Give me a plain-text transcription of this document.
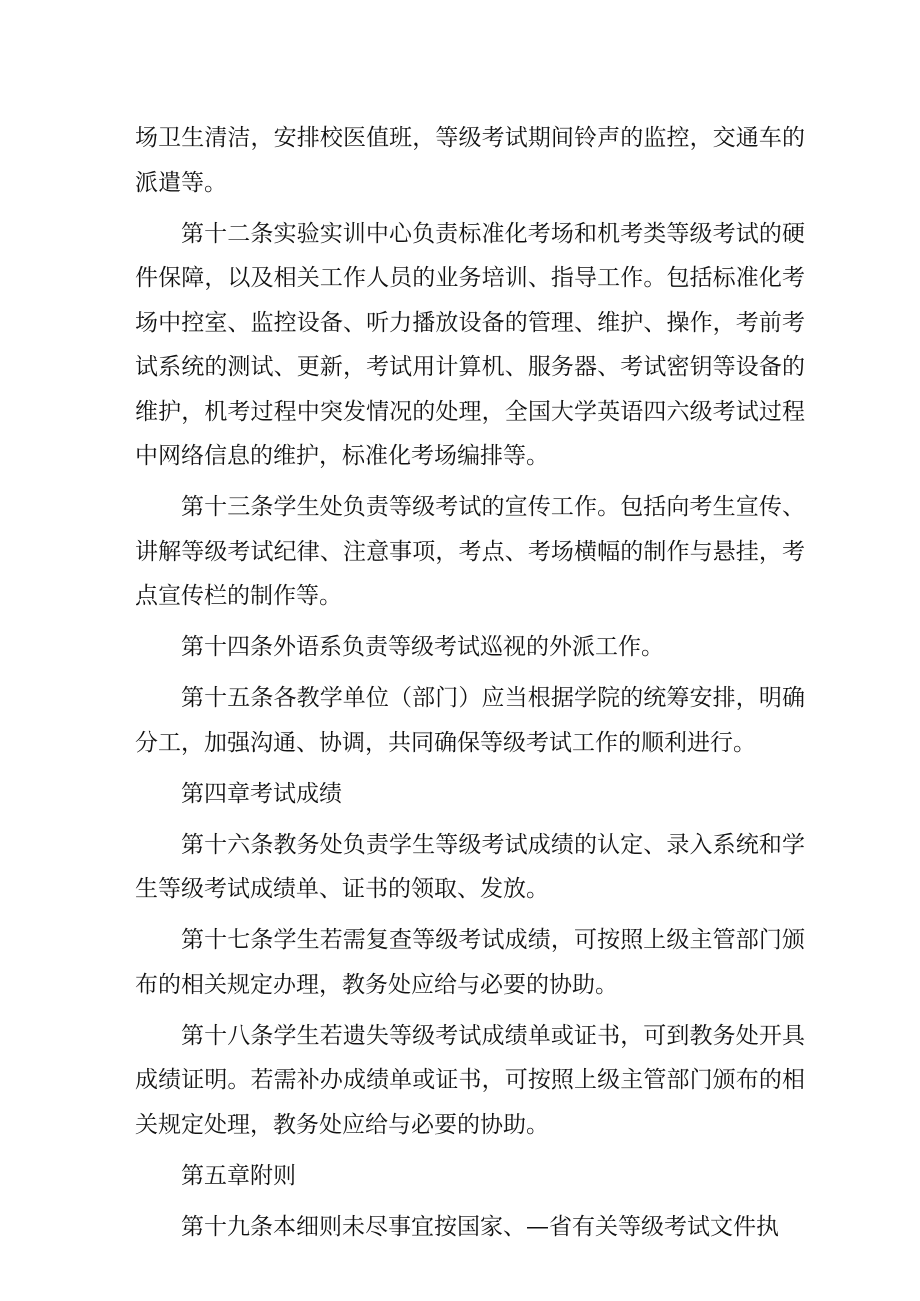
场卫生清洁，安排校医值班，等级考试期间铃声的监控，交通车的派遣等。

第十二条实验实训中心负责标准化考场和机考类等级考试的硬件保障，以及相关工作人员的业务培训、指导工作。包括标准化考场中控室、监控设备、听力播放设备的管理、维护、操作，考前考试系统的测试、更新，考试用计算机、服务器、考试密钥等设备的维护，机考过程中突发情况的处理，全国大学英语四六级考试过程中网络信息的维护，标准化考场编排等。

第十三条学生处负责等级考试的宣传工作。包括向考生宣传、讲解等级考试纪律、注意事项，考点、考场横幅的制作与悬挂，考点宣传栏的制作等。

第十四条外语系负责等级考试巡视的外派工作。

第十五条各教学单位（部门）应当根据学院的统筹安排，明确分工，加强沟通、协调，共同确保等级考试工作的顺利进行。

第四章考试成绩

第十六条教务处负责学生等级考试成绩的认定、录入系统和学生等级考试成绩单、证书的领取、发放。

第十七条学生若需复查等级考试成绩，可按照上级主管部门颁布的相关规定办理，教务处应给与必要的协助。

第十八条学生若遗失等级考试成绩单或证书，可到教务处开具成绩证明。若需补办成绩单或证书，可按照上级主管部门颁布的相关规定处理，教务处应给与必要的协助。

第五章附则

第十九条本细则未尽事宜按国家、—省有关等级考试文件执
